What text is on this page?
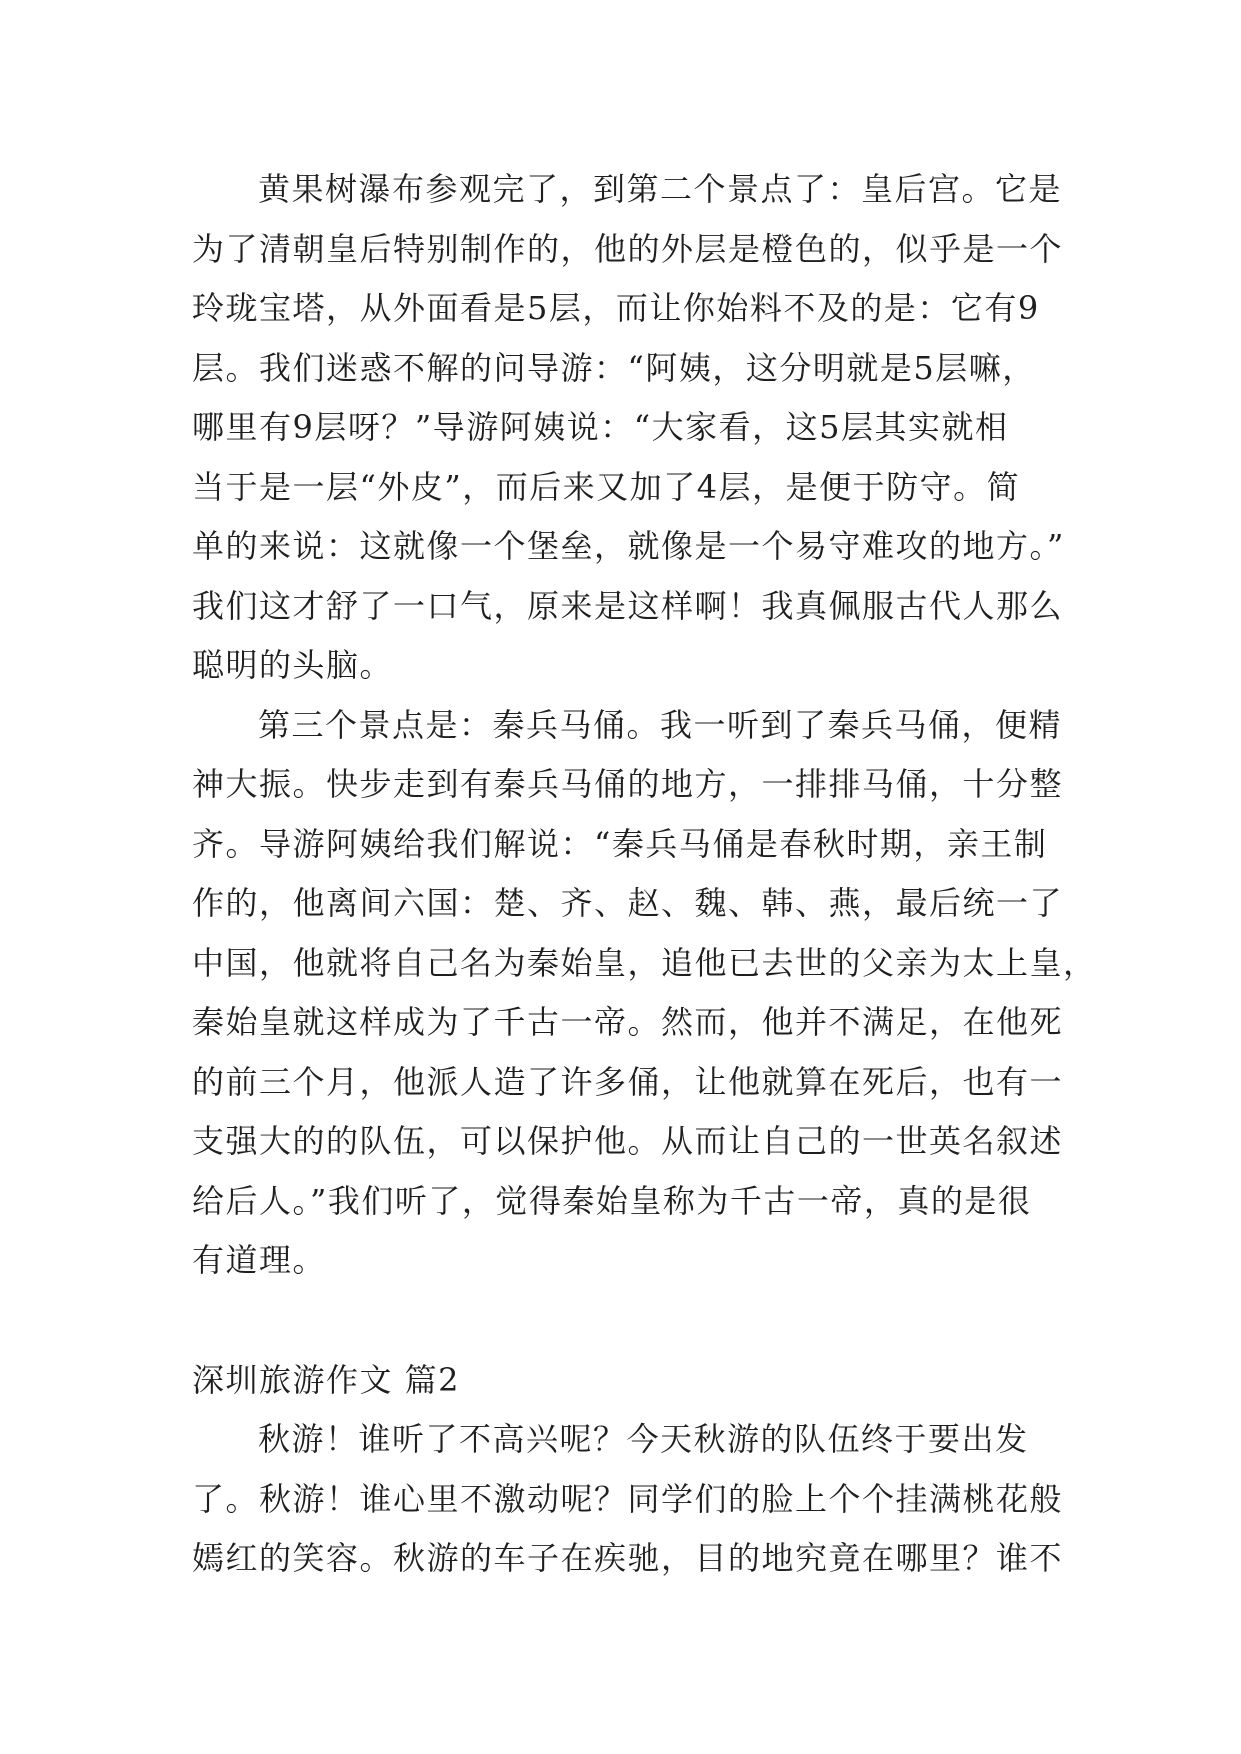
黄果树瀑布参观完了，到第二个景点了：皇后宫。它是
为了清朝皇后特别制作的，他的外层是橙色的，似乎是一个
玲珑宝塔，从外面看是5层，而让你始料不及的是：它有9
层。我们迷惑不解的问导游：“阿姨，这分明就是5层嘛，
哪里有9层呀？”导游阿姨说：“大家看，这5层其实就相
当于是一层“外皮”，而后来又加了4层，是便于防守。简
单的来说：这就像一个堡垒，就像是一个易守难攻的地方。”
我们这才舒了一口气，原来是这样啊！我真佩服古代人那么
聪明的头脑。
第三个景点是：秦兵马俑。我一听到了秦兵马俑，便精
神大振。快步走到有秦兵马俑的地方，一排排马俑，十分整
齐。导游阿姨给我们解说：“秦兵马俑是春秋时期，亲王制
作的，他离间六国：楚、齐、赵、魏、韩、燕，最后统一了
中国，他就将自己名为秦始皇，追他已去世的父亲为太上皇，
秦始皇就这样成为了千古一帝。然而，他并不满足，在他死
的前三个月，他派人造了许多俑，让他就算在死后，也有一
支强大的的队伍，可以保护他。从而让自己的一世英名叙述
给后人。”我们听了，觉得秦始皇称为千古一帝，真的是很
有道理。
深圳旅游作文 篇2
秋游！谁听了不高兴呢？今天秋游的队伍终于要出发
了。秋游！谁心里不激动呢？同学们的脸上个个挂满桃花般
嫣红的笑容。秋游的车子在疾驰，目的地究竟在哪里？谁不
